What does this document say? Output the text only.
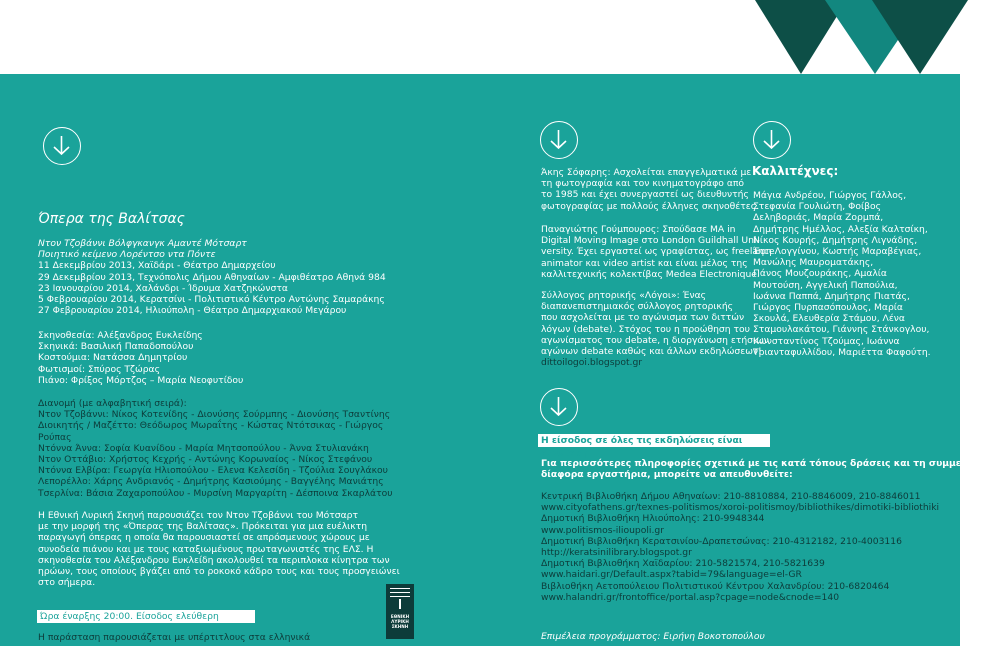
Όπερα της Βαλίτσας
Ντον Τζοβάννι Βόλφγκανγκ Αμαντέ Μότσαρτ
Ποιητικό κείμενο Λορέντσο ντα Πόντε
11 Δεκεμβρίου 2013, Χαϊδάρι - Θέατρο Δημαρχείου
29 Δεκεμβρίου 2013, Τεχνόπολις Δήμου Αθηναίων - Αμφιθέατρο Αθηνά 984
23 Ιανουαρίου 2014, Χαλάνδρι - Ίδρυμα Χατζηκώνστα
5 Φεβρουαρίου 2014, Κερατσίνι - Πολιτιστικό Κέντρο Αντώνης Σαμαράκης
27 Φεβρουαρίου 2014, Ηλιούπολη - Θέατρο Δημαρχιακού Μεγάρου
Σκηνοθεσία: Αλέξανδρος Ευκλείδης
Σκηνικά: Βασιλική Παπαδοπούλου
Κοστούμια: Νατάσσα Δημητρίου
Φωτισμοί: Σπύρος Τζώρας
Πιάνο: Φρίξος Μόρτζος – Μαρία Νεοφυτίδου
Διανομή (με αλφαβητική σειρά):
Ντον Τζοβάννι: Νίκος Κοτενίδης - Διονύσης Σούρμπης - Διονύσης Τσαντίνης
Διοικητής / Μαζέττο: Θεόδωρος Μωραΐτης - Κώστας Ντότσικας - Γιώργος
Ρούπας
Ντόννα Άννα: Σοφία Κυανίδου - Μαρία Μητσοπούλου - Άννα Στυλιανάκη
Ντον Οττάβιο: Χρήστος Κεχρής - Αντώνης Κορωναίος - Νίκος Στεφάνου
Ντόννα Ελβίρα: Γεωργία Ηλιοπούλου - Ελενα Κελεσίδη - Τζούλια Σουγλάκου
Λεπορέλλο: Χάρης Ανδριανός - Δημήτρης Κασιούμης - Βαγγέλης Μανιάτης
Τσερλίνα: Βάσια Ζαχαροπούλου - Μυρσίνη Μαργαρίτη - Δέσποινα Σκαρλάτου
Η Εθνική Λυρική Σκηνή παρουσιάζει τον Ντον Τζοβάννι του Μότσαρτ
με την μορφή της «Όπερας της Βαλίτσας». Πρόκειται για μια ευέλικτη
παραγωγή όπερας η οποία θα παρουσιαστεί σε απρόσμενους χώρους με
συνοδεία πιάνου και με τους καταξιωμένους πρωταγωνιστές της ΕΛΣ. Η
σκηνοθεσία του Αλέξανδρου Ευκλείδη ακολουθεί τα περιπλοκα κίνητρα των
ηρώων, τους οποίους βγάζει από το ροκοκό κάδρο τους και τους προσγειώνει
στο σήμερα.
Ώρα έναρξης 20:00. Είσοδος ελεύθερη
Η παράσταση παρουσιάζεται με υπέρτιτλους στα ελληνικά
ΕΘΝΙΚΗ
ΛΥΡΙΚΗ
ΣΚΗΝΗ
Άκης Σόφαρης: Ασχολείται επαγγελματικά με
τη φωτογραφία και τον κινηματογράφο από
το 1985 και έχει συνεργαστεί ως διευθυντής
φωτογραφίας με πολλούς έλληνες σκηνοθέτες.
Παναγιώτης Γούμπουρος: Σπούδασε ΜΑ in
Digital Moving Image στο London Guildhall Uni-
versity. Έχει εργαστεί ως γραφίστας, ως freelance
animator και video artist και είναι μέλος της
καλλιτεχνικής κολεκτίβας Medea Electronique.
Σύλλογος ρητορικής «Λόγοι»: Ένας
διαπανεπιστημιακός σύλλογος ρητορικής
που ασχολείται με το αγώνισμα των διττών
λόγων (debate). Στόχος του η προώθηση του
αγωνίσματος του debate, η διοργάνωση ετήσιων
αγώνων debate καθώς και άλλων εκδηλώσεων!
dittoilogoi.blogspot.gr
Η είσοδος σε όλες τις εκδηλώσεις είναι ελεύθερη
Για περισσότερες πληροφορίες σχετικά με τις κατά τόπους δράσεις και τη συμμετοχή στα
δίαφορα εργαστήρια, μπορείτε να απευθυνθείτε:
Κεντρική Βιβλιοθήκη Δήμου Αθηναίων: 210-8810884, 210-8846009, 210-8846011
www.cityofathens.gr/texnes-politismos/xoroi-politismoy/bibliothikes/dimotiki-bibliothiki
Δημοτική Βιβλιοθήκη Ηλιούπολης: 210-9948344
www.politismos-ilioupoli.gr
Δημοτική Βιβλιοθήκη Κερατσινίου-Δραπετσώνας: 210-4312182, 210-4003116
http://keratsinilibrary.blogspot.gr
Δημοτική Βιβλιοθήκη Χαϊδαρίου: 210-5821574, 210-5821639
www.haidari.gr/Default.aspx?tabid=79&language=el-GR
Βιβλιοθήκη Αετοπούλειου Πολιτιστικού Κέντρου Χαλανδρίου: 210-6820464
www.halandri.gr/frontoffice/portal.asp?cpage=node&cnode=140
Επιμέλεια προγράμματος: Ειρήνη Βοκοτοπούλου
Καλλιτέχνες:
Μάγια Ανδρέου, Γιώργος Γάλλος,
Στεφανία Γουλιώτη, Φοίβος
Δεληβοριάς, Μαρία Ζορμπά,
Δημήτρης Ημέλλος, Αλεξία Καλτσίκη,
Νίκος Κουρής, Δημήτρης Λιγνάδης,
Έφη Λογγίνου, Κωστής Μαραβέγιας,
Μανώλης Μαυροματάκης,
Πάνος Μουζουράκης, Αμαλία
Μουτούση, Αγγελική Παπούλια,
Ιωάννα Παππά, Δημήτρης Πιατάς,
Γιώργος Πυρπασόπουλος, Μαρία
Σκουλά, Ελευθερία Στάμου, Λένα
Σταμουλακάτου, Γιάννης Στάνκογλου,
Κωνσταντίνος Τζούμας, Ιωάννα
Τριανταφυλλίδου, Μαριέττα Φαφούτη.
